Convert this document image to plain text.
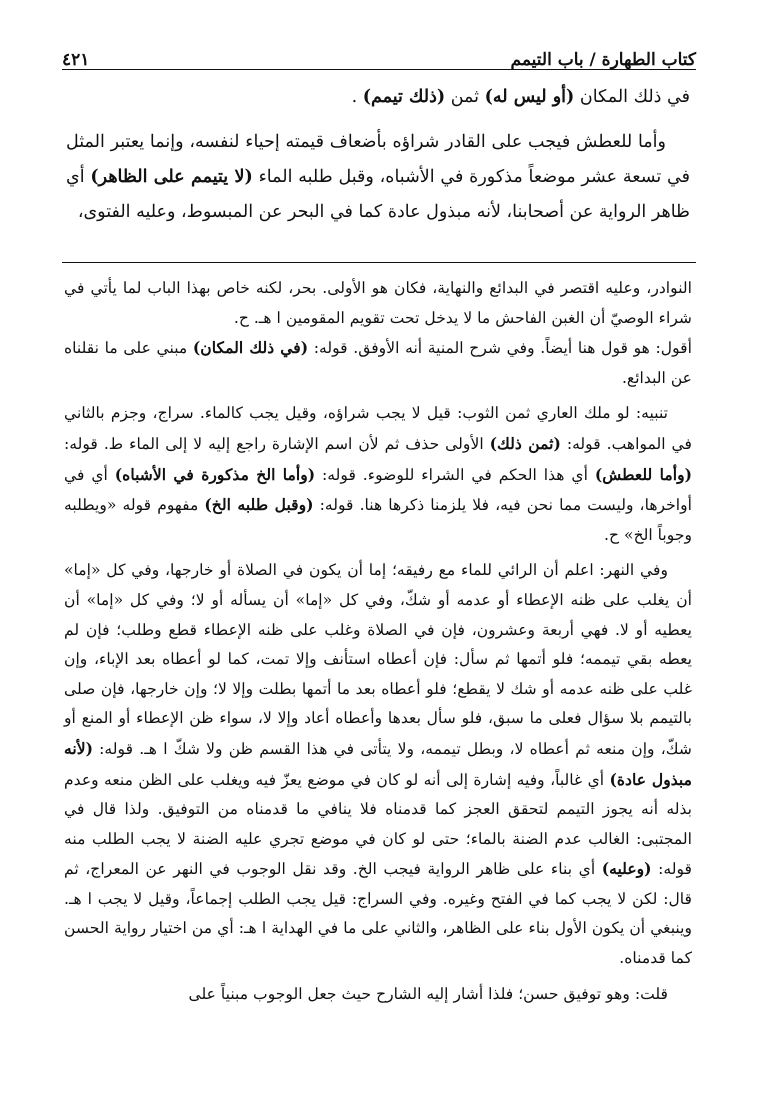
كتاب الطهارة / باب التيمم
٤٢١

في ذلك المكان (أو ليس له) ثمن (ذلك تيمم) .

وأما للعطش فيجب على القادر شراؤه بأضعاف قيمته إحياء لنفسه، وإنما يعتبر المثل في تسعة عشر موضعاً مذكورة في الأشباه، وقبل طلبه الماء (لا يتيمم على الظاهر) أي ظاهر الرواية عن أصحابنا، لأنه مبذول عادة كما في البحر عن المبسوط، وعليه الفتوى،

النوادر، وعليه اقتصر في البدائع والنهاية، فكان هو الأولى. بحر، لكنه خاص بهذا الباب لما يأتي في شراء الوصيّ أن الغبن الفاحش ما لا يدخل تحت تقويم المقومين ا هـ. ح.

أقول: هو قول هنا أيضاً. وفي شرح المنية أنه الأوفق. قوله: (في ذلك المكان) مبني على ما نقلناه عن البدائع.

تنبيه: لو ملك العاري ثمن الثوب: قيل لا يجب شراؤه، وقيل يجب كالماء. سراج، وجزم بالثاني في المواهب. قوله: (ثمن ذلك) الأولى حذف ثم لأن اسم الإشارة راجع إليه لا إلى الماء ط. قوله: (وأما للعطش) أي هذا الحكم في الشراء للوضوء. قوله: (وأما الخ مذكورة في الأشباه) أي في أواخرها، وليست مما نحن فيه، فلا يلزمنا ذكرها هنا. قوله: (وقبل طلبه الخ) مفهوم قوله «ويطلبه وجوباً الخ» ح.

وفي النهر: اعلم أن الرائي للماء مع رفيقه؛ إما أن يكون في الصلاة أو خارجها، وفي كل «إما» أن يغلب على ظنه الإعطاء أو عدمه أو شكّ، وفي كل «إما» أن يسأله أو لا؛ وفي كل «إما» أن يعطيه أو لا. فهي أربعة وعشرون، فإن في الصلاة وغلب على ظنه الإعطاء قطع وطلب؛ فإن لم يعطه بقي تيممه؛ فلو أتمها ثم سأل: فإن أعطاه استأنف وإلا تمت، كما لو أعطاه بعد الإباء، وإن غلب على ظنه عدمه أو شك لا يقطع؛ فلو أعطاه بعد ما أتمها بطلت وإلا لا؛ وإن خارجها، فإن صلى بالتيمم بلا سؤال فعلى ما سبق، فلو سأل بعدها وأعطاه أعاد وإلا لا، سواء ظن الإعطاء أو المنع أو شكّ، وإن منعه ثم أعطاه لا، وبطل تيممه، ولا يتأتى في هذا القسم ظن ولا شكّ ا هـ. قوله: (لأنه مبذول عادة) أي غالباً، وفيه إشارة إلى أنه لو كان في موضع يعزّ فيه ويغلب على الظن منعه وعدم بذله أنه يجوز التيمم لتحقق العجز كما قدمناه فلا ينافي ما قدمناه من التوفيق. ولذا قال في المجتبى: الغالب عدم الضنة بالماء؛ حتى لو كان في موضع تجري عليه الضنة لا يجب الطلب منه قوله: (وعليه) أي بناء على ظاهر الرواية فيجب الخ. وقد نقل الوجوب في النهر عن المعراج، ثم قال: لكن لا يجب كما في الفتح وغيره. وفي السراج: قيل يجب الطلب إجماعاً، وقيل لا يجب ا هـ. وينبغي أن يكون الأول بناء على الظاهر، والثاني على ما في الهداية ا هـ: أي من اختيار رواية الحسن كما قدمناه.

قلت: وهو توفيق حسن؛ فلذا أشار إليه الشارح حيث جعل الوجوب مبنياً على
